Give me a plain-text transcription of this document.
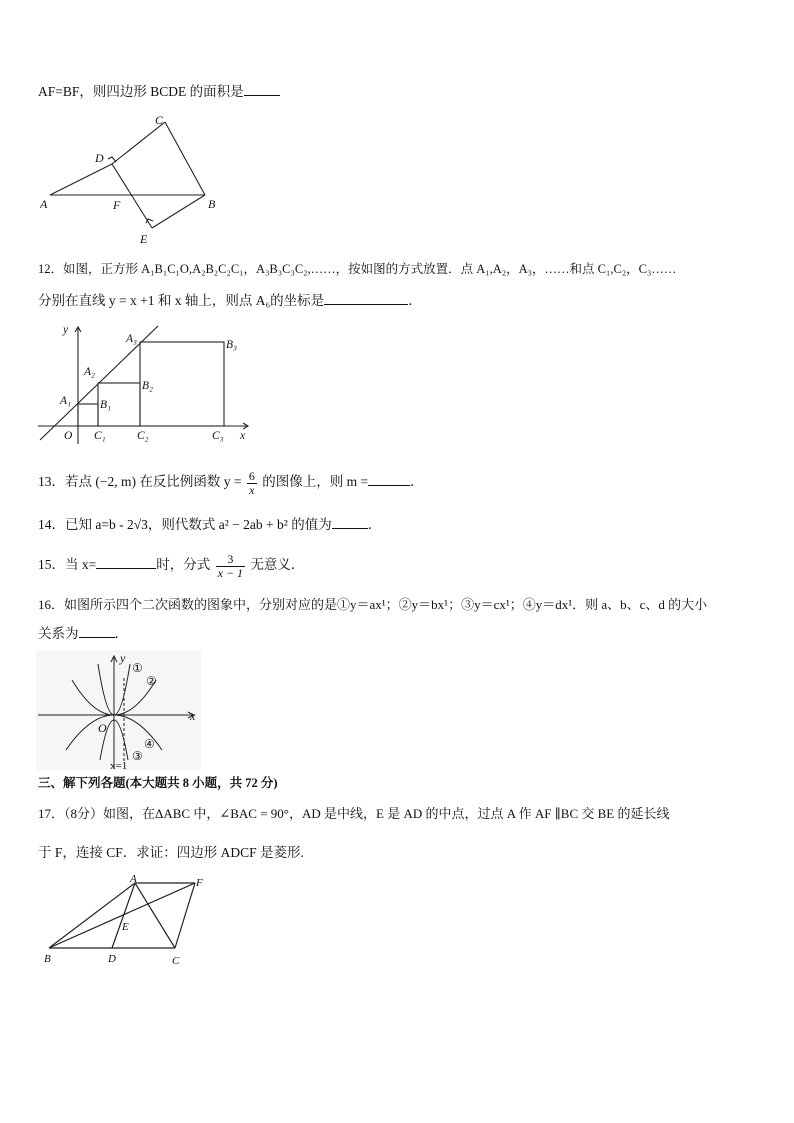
AF=BF，则四边形 BCDE 的面积是
A	B
C
D
E
F
12．如图，正方形 A₁B₁C₁O,A₂B₂C₂C₁，A₃B₃C₃C₂,……，按如图的方式放置．点 A₁,A₂，A₃，……和点 C₁,C₂，C₃……
分别在直线 y = x +1 和 x 轴上，则点 A₆的坐标是	．
y
x
O
A₁
A₂
A₃
B₁
B₂
B₃
C₁	C₂	C₃
13．若点 (−2, m) 在反比例函数 $y = \frac{6}{x}$ 的图像上，则 m =	．
14．已知 a=b - 2√3，则代数式 a² − 2ab + b² 的值为	．
15．当 x=	时，分式 $\frac{3}{x - 1}$ 无意义．
16．如图所示四个二次函数的图象中，分别对应的是①y＝ax¹；②y＝bx¹；③y＝cx¹；④y＝dx¹．则 a、b、c、d 的大小
关系为	．
y
x
O
①
②
③
④
x=1
三、解下列各题(本大题共 8 小题，共 72 分)
17．（8分）如图，在ΔABC 中，∠BAC = 90°，AD 是中线，E 是 AD 的中点，过点 A 作 AF ∥BC 交 BE 的延长线
于 F，连接 CF．求证：四边形 ADCF 是菱形.
A	F
B	D	C
E
